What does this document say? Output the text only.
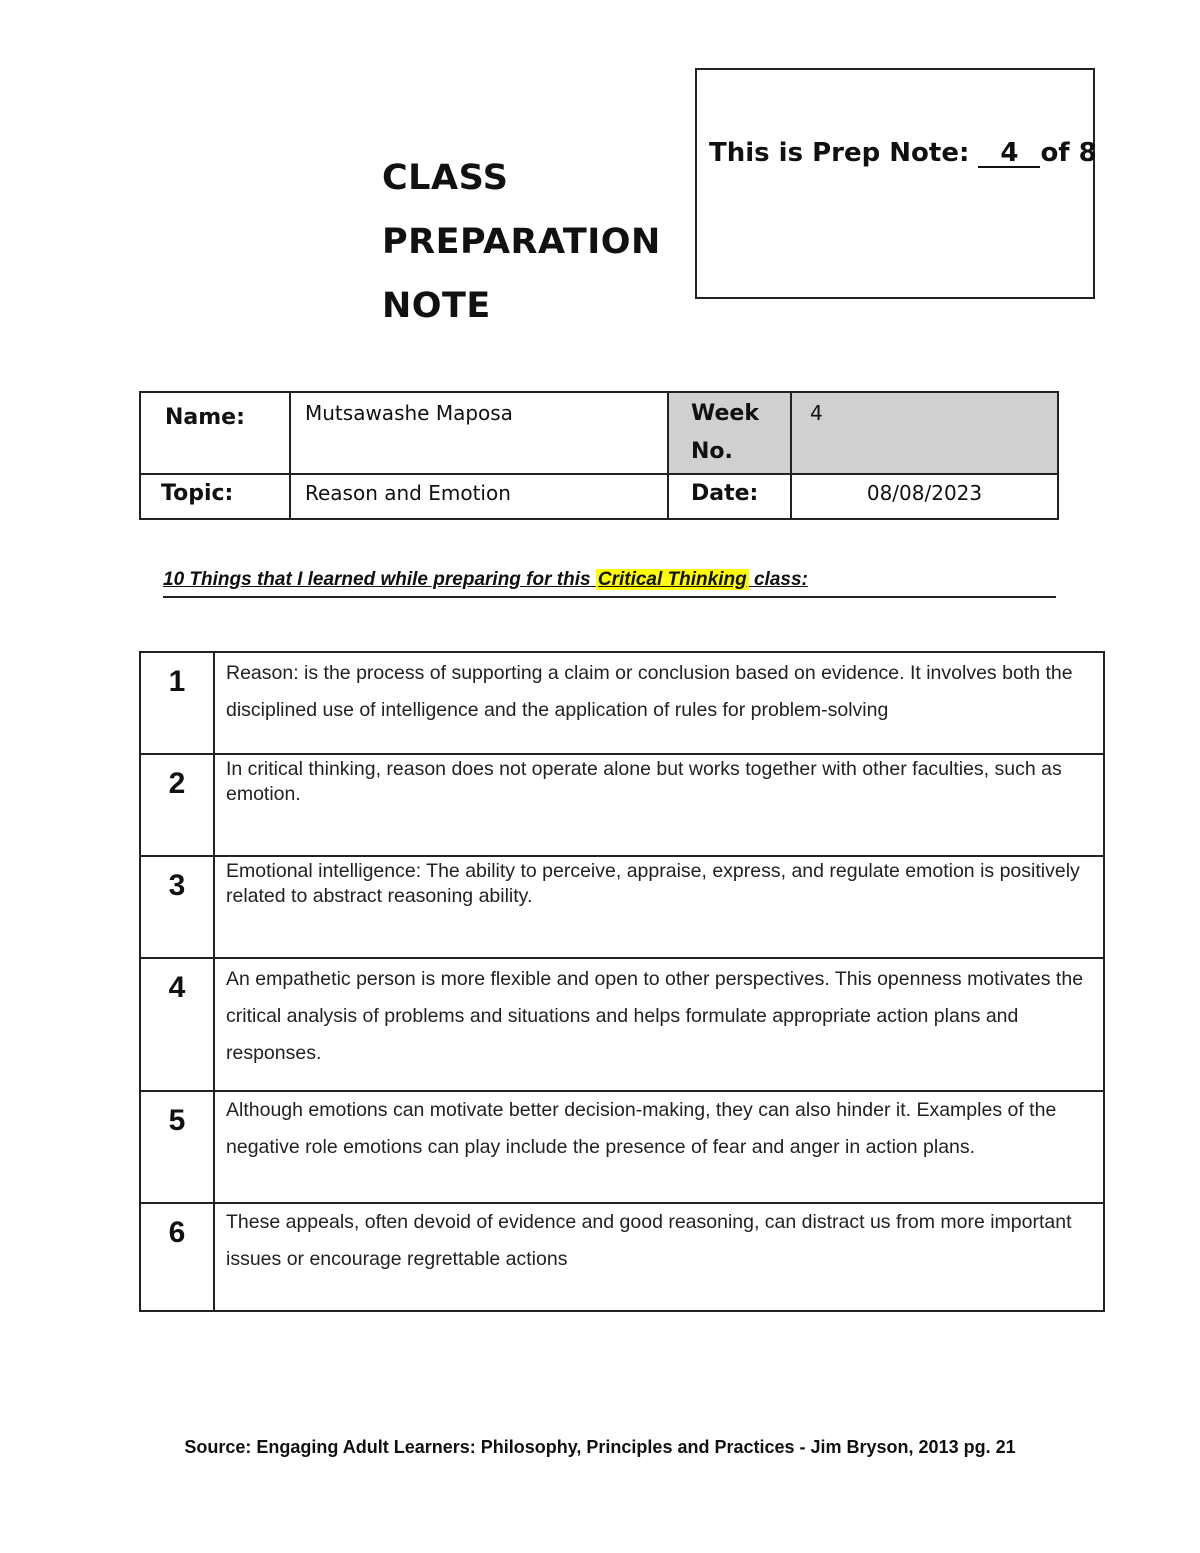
CLASS
PREPARATION
NOTE
This is Prep Note: 4 of 8
Name:	Mutsawashe Maposa	Week No.	4
Topic:	Reason and Emotion	Date:	08/08/2023
10 Things that I learned while preparing for this Critical Thinking class:
1	Reason: is the process of supporting a claim or conclusion based on evidence. It involves both the disciplined use of intelligence and the application of rules for problem-solving
2	In critical thinking, reason does not operate alone but works together with other faculties, such as emotion.
3	Emotional intelligence: The ability to perceive, appraise, express, and regulate emotion is positively related to abstract reasoning ability.
4	An empathetic person is more flexible and open to other perspectives. This openness motivates the critical analysis of problems and situations and helps formulate appropriate action plans and responses.
5	Although emotions can motivate better decision-making, they can also hinder it. Examples of the negative role emotions can play include the presence of fear and anger in action plans.
6	These appeals, often devoid of evidence and good reasoning, can distract us from more important issues or encourage regrettable actions
Source: Engaging Adult Learners: Philosophy, Principles and Practices - Jim Bryson, 2013 pg. 21
